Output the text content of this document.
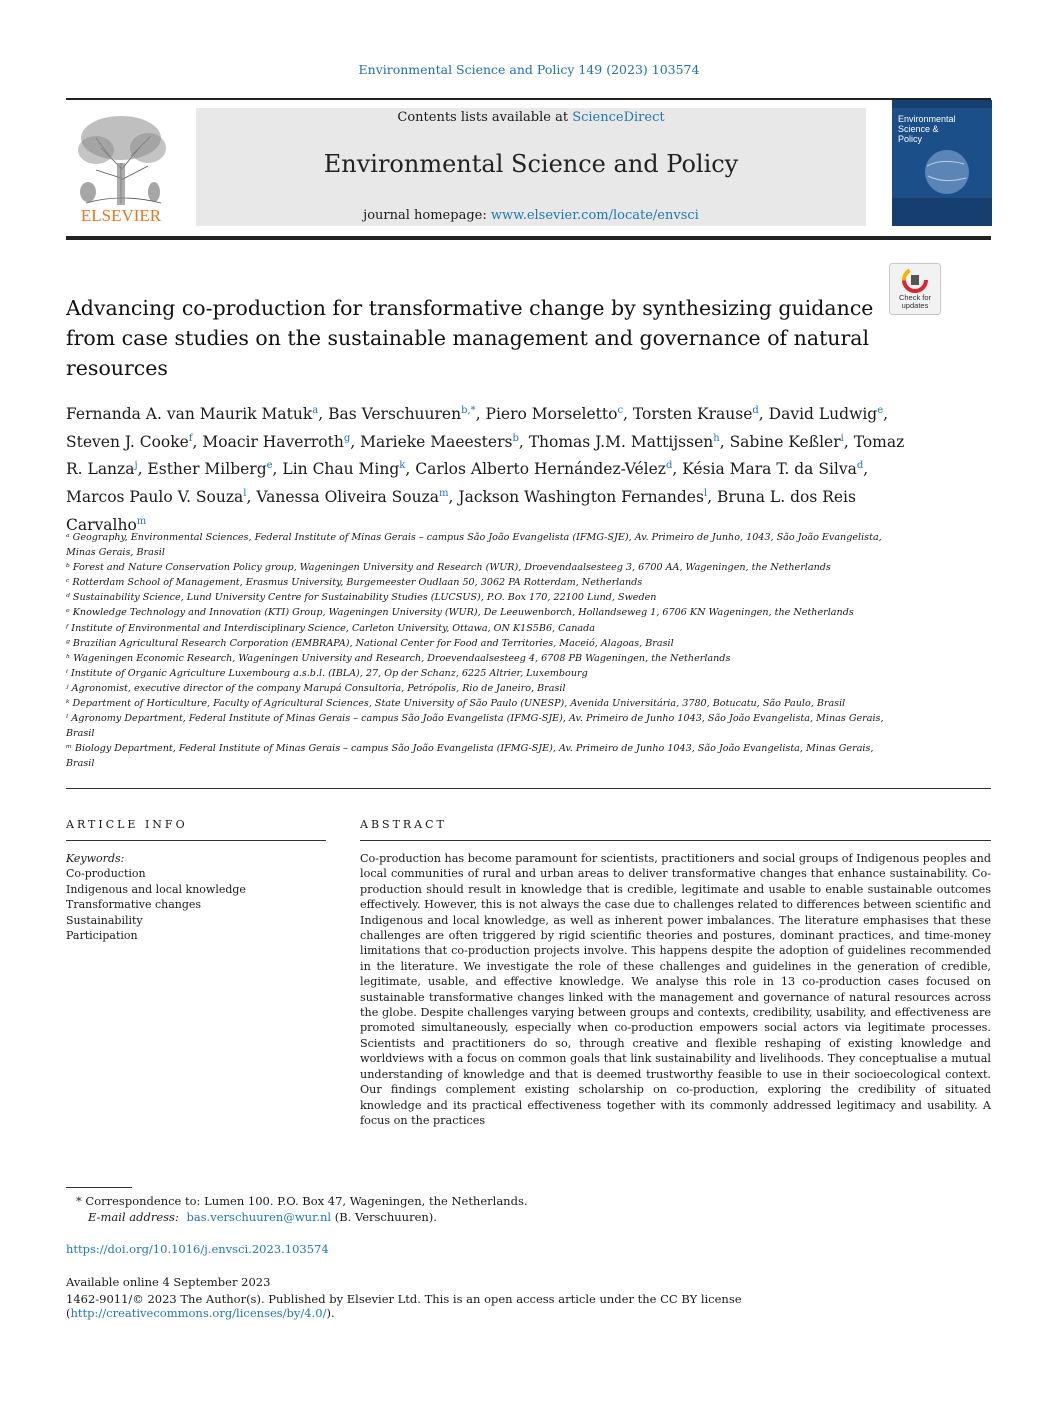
Environmental Science and Policy 149 (2023) 103574
ELSEVIER
Contents lists available at ScienceDirect
Environmental Science and Policy
journal homepage: www.elsevier.com/locate/envsci
Environmental
Science &
Policy
Check for
updates
Advancing co-production for transformative change by synthesizing guidance from case studies on the sustainable management and governance of natural resources
Fernanda A. van Maurik Matuk$^a$, Bas Verschuuren$^{b,*}$, Piero Morseletto$^c$, Torsten Krause$^d$, David Ludwig$^e$, Steven J. Cooke$^f$, Moacir Haverroth$^g$, Marieke Maeesters$^b$, Thomas J.M. Mattijssen$^h$, Sabine Keßler$^i$, Tomaz R. Lanza$^j$, Esther Milberg$^e$, Lin Chau Ming$^k$, Carlos Alberto Hernández-Vélez$^d$, Késia Mara T. da Silva$^d$, Marcos Paulo V. Souza$^l$, Vanessa Oliveira Souza$^m$, Jackson Washington Fernandes$^l$, Bruna L. dos Reis Carvalho$^m$
ᵃ Geography, Environmental Sciences, Federal Institute of Minas Gerais – campus São João Evangelista (IFMG-SJE), Av. Primeiro de Junho, 1043, São João Evangelista, Minas Gerais, Brasil
ᵇ Forest and Nature Conservation Policy group, Wageningen University and Research (WUR), Droevendaalsesteeg 3, 6700 AA, Wageningen, the Netherlands
ᶜ Rotterdam School of Management, Erasmus University, Burgemeester Oudlaan 50, 3062 PA Rotterdam, Netherlands
ᵈ Sustainability Science, Lund University Centre for Sustainability Studies (LUCSUS), P.O. Box 170, 22100 Lund, Sweden
ᵉ Knowledge Technology and Innovation (KTI) Group, Wageningen University (WUR), De Leeuwenborch, Hollandseweg 1, 6706 KN Wageningen, the Netherlands
ᶠ Institute of Environmental and Interdisciplinary Science, Carleton University, Ottawa, ON K1S5B6, Canada
ᵍ Brazilian Agricultural Research Corporation (EMBRAPA), National Center for Food and Territories, Maceió, Alagoas, Brasil
ʰ Wageningen Economic Research, Wageningen University and Research, Droevendaalsesteeg 4, 6708 PB Wageningen, the Netherlands
ⁱ Institute of Organic Agriculture Luxembourg a.s.b.l. (IBLA), 27, Op der Schanz, 6225 Altrier, Luxembourg
ʲ Agronomist, executive director of the company Marupá Consultoria, Petrópolis, Rio de Janeiro, Brasil
ᵏ Department of Horticulture, Faculty of Agricultural Sciences, State University of São Paulo (UNESP), Avenida Universitária, 3780, Botucatu, São Paulo, Brasil
ˡ Agronomy Department, Federal Institute of Minas Gerais – campus São João Evangelista (IFMG-SJE), Av. Primeiro de Junho 1043, São João Evangelista, Minas Gerais, Brasil
ᵐ Biology Department, Federal Institute of Minas Gerais – campus São João Evangelista (IFMG-SJE), Av. Primeiro de Junho 1043, São João Evangelista, Minas Gerais, Brasil
ARTICLE INFO
Keywords:
Co-production
Indigenous and local knowledge
Transformative changes
Sustainability
Participation
ABSTRACT
Co-production has become paramount for scientists, practitioners and social groups of Indigenous peoples and local communities of rural and urban areas to deliver transformative changes that enhance sustainability. Co-production should result in knowledge that is credible, legitimate and usable to enable sustainable outcomes effectively. However, this is not always the case due to challenges related to differences between scientific and Indigenous and local knowledge, as well as inherent power imbalances. The literature emphasises that these challenges are often triggered by rigid scientific theories and postures, dominant practices, and time-money limitations that co-production projects involve. This happens despite the adoption of guidelines recommended in the literature. We investigate the role of these challenges and guidelines in the generation of credible, legitimate, usable, and effective knowledge. We analyse this role in 13 co-production cases focused on sustainable transformative changes linked with the management and governance of natural resources across the globe. Despite challenges varying between groups and contexts, credibility, usability, and effectiveness are promoted simultaneously, especially when co-production empowers social actors via legitimate processes. Scientists and practitioners do so, through creative and flexible reshaping of existing knowledge and worldviews with a focus on common goals that link sustainability and livelihoods. They conceptualise a mutual understanding of knowledge and that is deemed trustworthy feasible to use in their socioecological context. Our findings complement existing scholarship on co-production, exploring the credibility of situated knowledge and its practical effectiveness together with its commonly addressed legitimacy and usability. A focus on the practices
* Correspondence to: Lumen 100. P.O. Box 47, Wageningen, the Netherlands.
E-mail address: bas.verschuuren@wur.nl (B. Verschuuren).
https://doi.org/10.1016/j.envsci.2023.103574
Available online 4 September 2023
1462-9011/© 2023 The Author(s). Published by Elsevier Ltd. This is an open access article under the CC BY license (http://creativecommons.org/licenses/by/4.0/).
